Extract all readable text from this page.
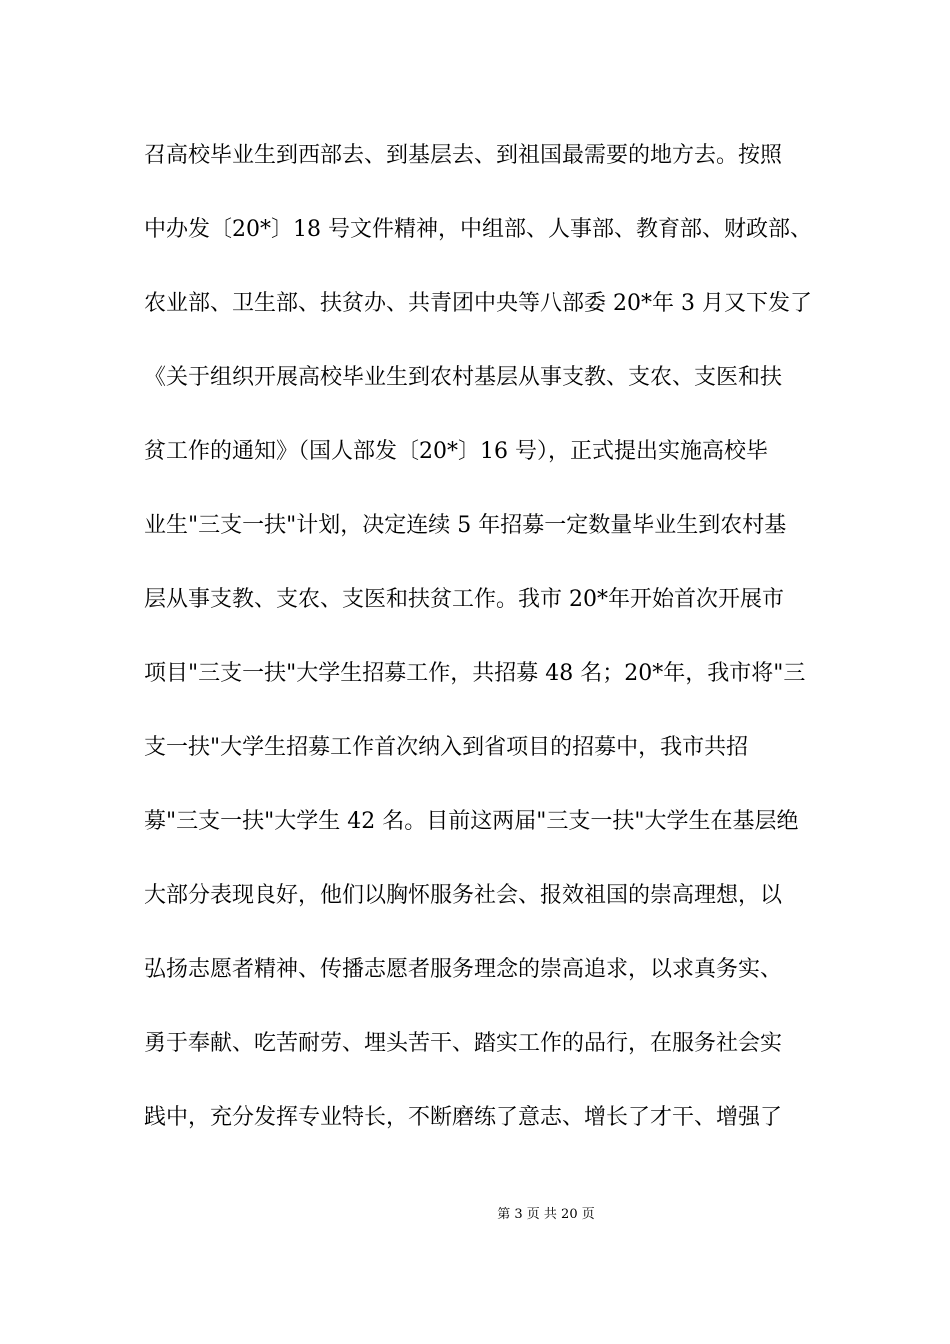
召高校毕业生到西部去、到基层去、到祖国最需要的地方去。按照
中办发〔20*〕18 号文件精神，中组部、人事部、教育部、财政部、
农业部、卫生部、扶贫办、共青团中央等八部委 20*年 3 月又下发了
《关于组织开展高校毕业生到农村基层从事支教、支农、支医和扶
贫工作的通知》（国人部发〔20*〕16 号），正式提出实施高校毕
业生"三支一扶"计划，决定连续 5 年招募一定数量毕业生到农村基
层从事支教、支农、支医和扶贫工作。我市 20*年开始首次开展市
项目"三支一扶"大学生招募工作，共招募 48 名；20*年，我市将"三
支一扶"大学生招募工作首次纳入到省项目的招募中，我市共招
募"三支一扶"大学生 42 名。目前这两届"三支一扶"大学生在基层绝
大部分表现良好，他们以胸怀服务社会、报效祖国的崇高理想，以
弘扬志愿者精神、传播志愿者服务理念的崇高追求，以求真务实、
勇于奉献、吃苦耐劳、埋头苦干、踏实工作的品行，在服务社会实
践中，充分发挥专业特长，不断磨练了意志、增长了才干、增强了
第 3 页 共 20 页
